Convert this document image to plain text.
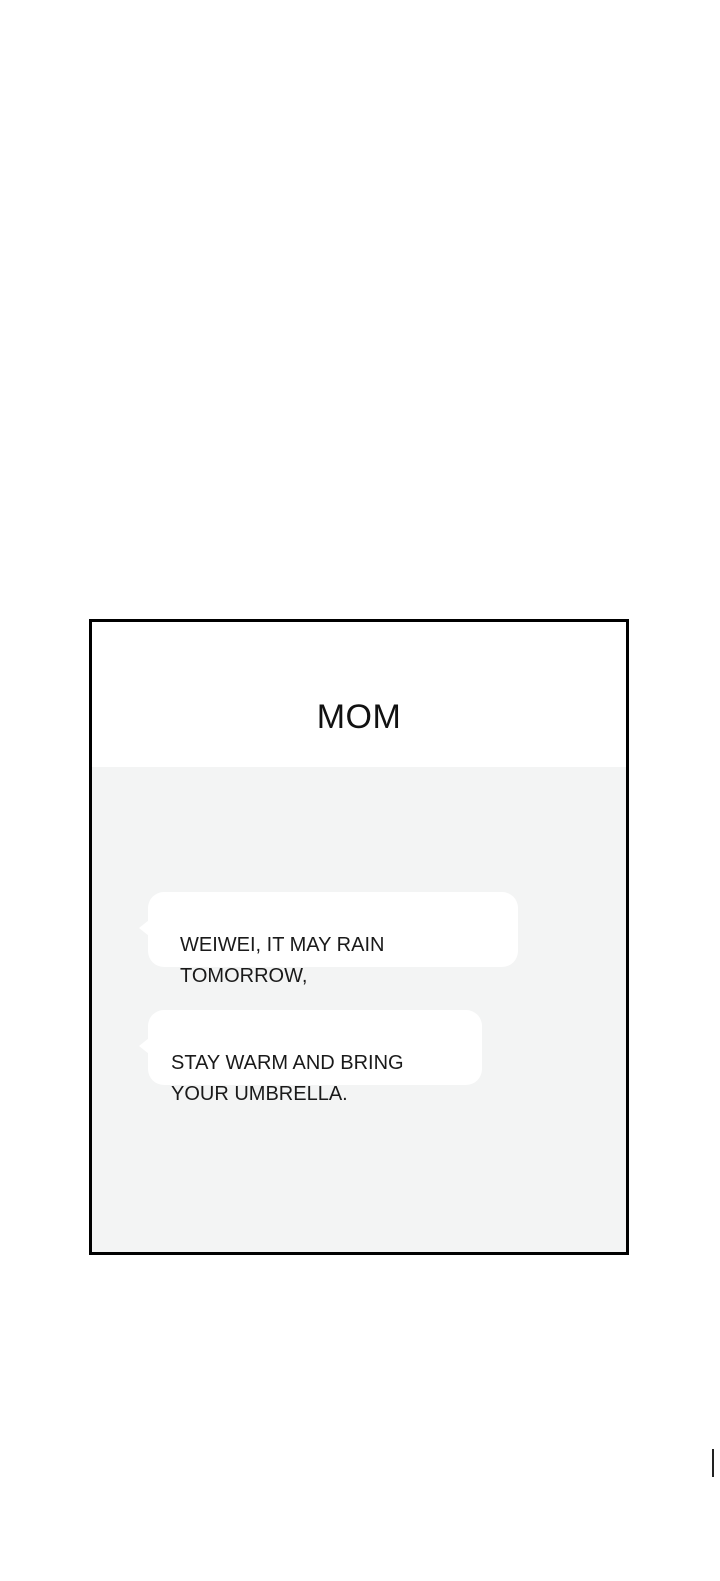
MOM

WEIWEI, IT MAY RAIN
TOMORROW,

STAY WARM AND BRING
YOUR UMBRELLA.
